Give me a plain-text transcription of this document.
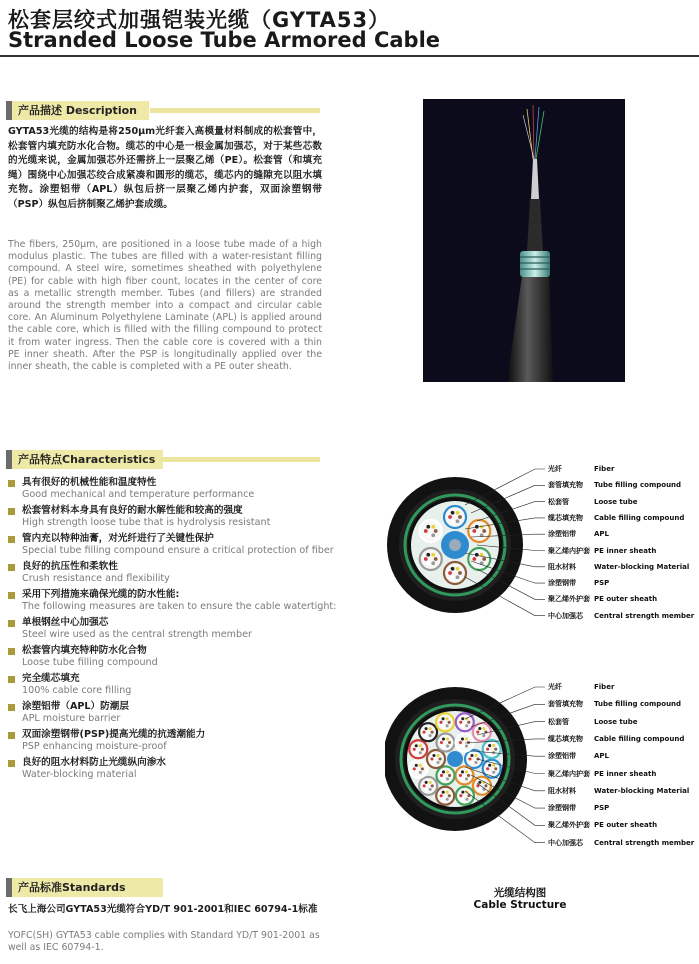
松套层绞式加强铠装光缆（GYTA53）
Stranded Loose Tube Armored Cable
产品描述 Description
GYTA53光缆的结构是将250μm光纤套入高模量材料制成的松套管中，松套管内填充防水化合物。缆芯的中心是一根金属加强芯，对于某些芯数的光缆来说，金属加强芯外还需挤上一层聚乙烯（PE）。松套管（和填充绳）围绕中心加强芯绞合成紧凑和圆形的缆芯，缆芯内的缝隙充以阻水填充物。涂塑铝带（APL）纵包后挤一层聚乙烯内护套，双面涂塑钢带（PSP）纵包后挤制聚乙烯护套成缆。
The fibers, 250μm, are positioned in a loose tube made of a high modulus plastic. The tubes are filled with a water-resistant filling compound. A steel wire, sometimes sheathed with polyethylene (PE) for cable with high fiber count, locates in the center of core as a metallic strength member. Tubes (and fillers) are stranded around the strength member into a compact and circular cable core. An Aluminum Polyethylene Laminate (APL) is applied around the cable core, which is filled with the filling compound to protect it from water ingress. Then the cable core is covered with a thin PE inner sheath. After the PSP is longitudinally applied over the inner sheath, the cable is completed with a PE outer sheath.
产品特点Characteristics
具有很好的机械性能和温度特性
Good mechanical and temperature performance
松套管材料本身具有良好的耐水解性能和较高的强度
High strength loose tube that is hydrolysis resistant
管内充以特种油膏，对光纤进行了关键性保护
Special tube filling compound ensure a critical protection of fiber
良好的抗压性和柔软性
Crush resistance and flexibility
采用下列措施来确保光缆的防水性能:
The following measures are taken to ensure the cable watertight:
单根钢丝中心加强芯
Steel wire used as the central strength member
松套管内填充特种防水化合物
Loose tube filling compound
完全缆芯填充
100% cable core filling
涂塑铝带（APL）防潮层
APL moisture barrier
双面涂塑钢带(PSP)提高光缆的抗透潮能力
PSP enhancing moisture-proof
良好的阻水材料防止光缆纵向渗水
Water-blocking material
光纤	Fiber
套管填充物 Tube filling compound
松套管	Loose tube
缆芯填充物 Cable filling compound
涂塑铝带	APL
聚乙烯内护套 PE inner sheath
阻水材料	Water-blocking Material
涂塑钢带	PSP
聚乙烯外护套 PE outer sheath
中心加强芯 Central strength member
光纤	Fiber
套管填充物 Tube filling compound
松套管	Loose tube
缆芯填充物 Cable filling compound
涂塑铝带	APL
聚乙烯内护套 PE inner sheath
阻水材料	Water-blocking Material
涂塑钢带	PSP
聚乙烯外护套 PE outer sheath
中心加强芯 Central strength member
光缆结构图
Cable Structure
产品标准Standards
长飞上海公司GYTA53光缆符合YD/T 901-2001和IEC 60794-1标准
YOFC(SH) GYTA53 cable complies with Standard YD/T 901-2001 as well as IEC 60794-1.
